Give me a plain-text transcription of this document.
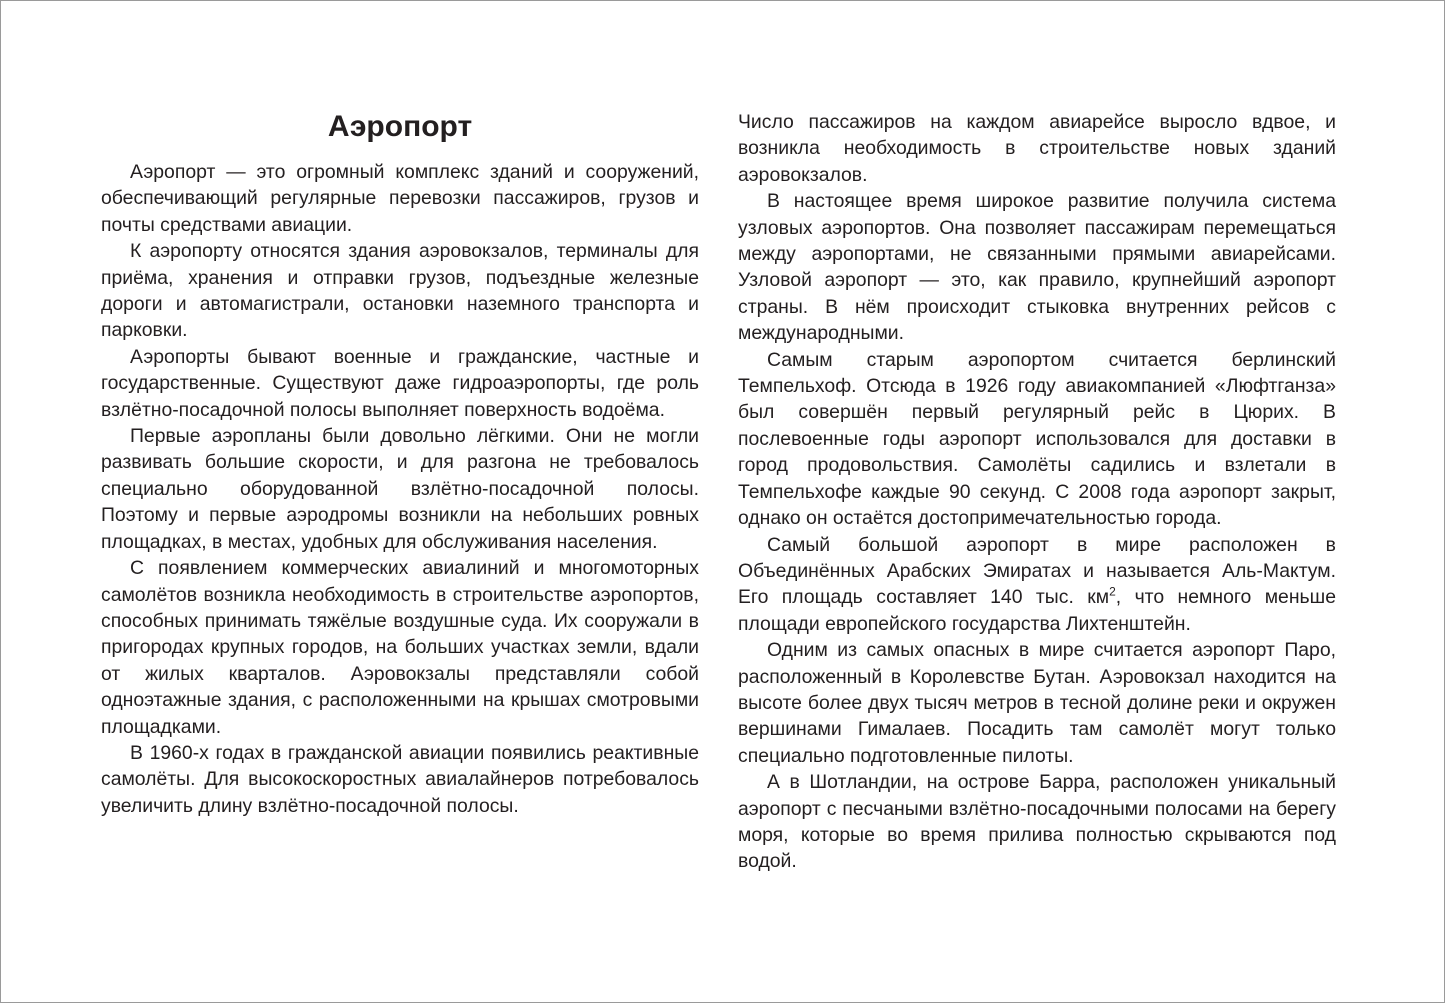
Аэропорт

Аэропорт — это огромный комплекс зданий и сооружений, обеспечивающий регулярные перевозки пассажиров, грузов и почты средствами авиации.

К аэропорту относятся здания аэровокзалов, терминалы для приёма, хранения и отправки грузов, подъездные железные дороги и автомагистрали, остановки наземного транспорта и парковки.

Аэропорты бывают военные и гражданские, частные и государственные. Существуют даже гидроаэропорты, где роль взлётно-посадочной полосы выполняет поверхность водоёма.

Первые аэропланы были довольно лёгкими. Они не могли развивать большие скорости, и для разгона не требовалось специально оборудованной взлётно-посадочной полосы. Поэтому и первые аэродромы возникли на небольших ровных площадках, в местах, удобных для обслуживания населения.

С появлением коммерческих авиалиний и многомоторных самолётов возникла необходимость в строительстве аэропортов, способных принимать тяжёлые воздушные суда. Их сооружали в пригородах крупных городов, на больших участках земли, вдали от жилых кварталов. Аэровокзалы представляли собой одноэтажные здания, с расположенными на крышах смотровыми площадками.

В 1960-х годах в гражданской авиации появились реактивные самолёты. Для высокоскоростных авиалайнеров потребовалось увеличить длину взлётно-посадочной полосы.

Число пассажиров на каждом авиарейсе выросло вдвое, и возникла необходимость в строительстве новых зданий аэровокзалов.

В настоящее время широкое развитие получила система узловых аэропортов. Она позволяет пассажирам перемещаться между аэропортами, не связанными прямыми авиарейсами. Узловой аэропорт — это, как правило, крупнейший аэропорт страны. В нём происходит стыковка внутренних рейсов с международными.

Самым старым аэропортом считается берлинский Темпельхоф. Отсюда в 1926 году авиакомпанией «Люфтганза» был совершён первый регулярный рейс в Цюрих. В послевоенные годы аэропорт использовался для доставки в город продовольствия. Самолёты садились и взлетали в Темпельхофе каждые 90 секунд. С 2008 года аэропорт закрыт, однако он остаётся достопримечательностью города.

Самый большой аэропорт в мире расположен в Объединённых Арабских Эмиратах и называется Аль-Мактум. Его площадь составляет 140 тыс. $км^2$, что немного меньше площади европейского государства Лихтенштейн.

Одним из самых опасных в мире считается аэропорт Паро, расположенный в Королевстве Бутан. Аэровокзал находится на высоте более двух тысяч метров в тесной долине реки и окружен вершинами Гималаев. Посадить там самолёт могут только специально подготовленные пилоты.

А в Шотландии, на острове Барра, расположен уникальный аэропорт с песчаными взлётно-посадочными полосами на берегу моря, которые во время прилива полностью скрываются под водой.
